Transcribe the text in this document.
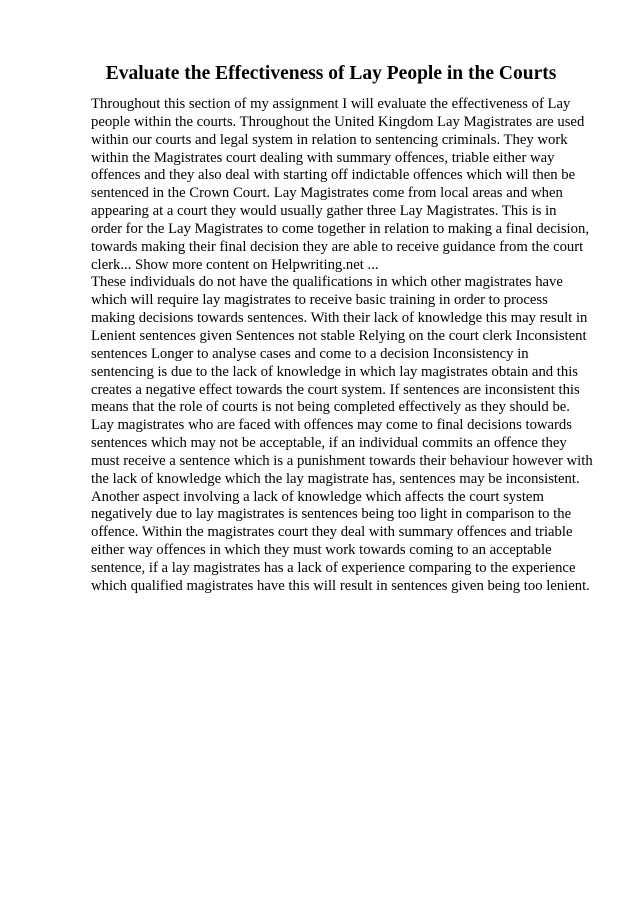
Evaluate the Effectiveness of Lay People in the Courts
Throughout this section of my assignment I will evaluate the effectiveness of Lay
people within the courts. Throughout the United Kingdom Lay Magistrates are used
within our courts and legal system in relation to sentencing criminals. They work
within the Magistrates court dealing with summary offences, triable either way
offences and they also deal with starting off indictable offences which will then be
sentenced in the Crown Court. Lay Magistrates come from local areas and when
appearing at a court they would usually gather three Lay Magistrates. This is in
order for the Lay Magistrates to come together in relation to making a final decision,
towards making their final decision they are able to receive guidance from the court
clerk... Show more content on Helpwriting.net ...
These individuals do not have the qualifications in which other magistrates have
which will require lay magistrates to receive basic training in order to process
making decisions towards sentences. With their lack of knowledge this may result in
Lenient sentences given Sentences not stable Relying on the court clerk Inconsistent
sentences Longer to analyse cases and come to a decision Inconsistency in
sentencing is due to the lack of knowledge in which lay magistrates obtain and this
creates a negative effect towards the court system. If sentences are inconsistent this
means that the role of courts is not being completed effectively as they should be.
Lay magistrates who are faced with offences may come to final decisions towards
sentences which may not be acceptable, if an individual commits an offence they
must receive a sentence which is a punishment towards their behaviour however with
the lack of knowledge which the lay magistrate has, sentences may be inconsistent.
Another aspect involving a lack of knowledge which affects the court system
negatively due to lay magistrates is sentences being too light in comparison to the
offence. Within the magistrates court they deal with summary offences and triable
either way offences in which they must work towards coming to an acceptable
sentence, if a lay magistrates has a lack of experience comparing to the experience
which qualified magistrates have this will result in sentences given being too lenient.
